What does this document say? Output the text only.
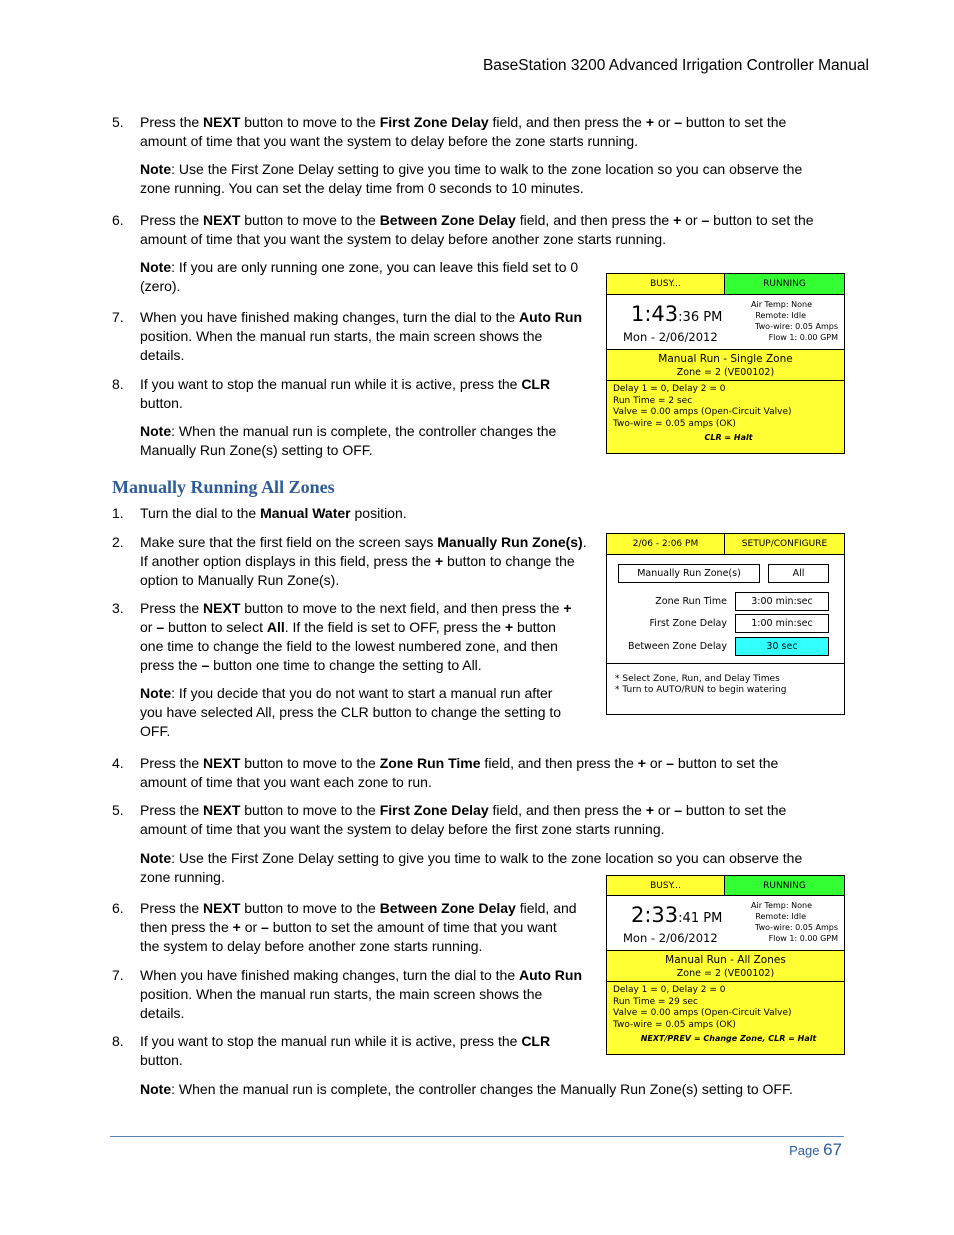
BaseStation 3200 Advanced Irrigation Controller Manual
5. Press the NEXT button to move to the First Zone Delay field, and then press the + or – button to set the
amount of time that you want the system to delay before the zone starts running.
Note: Use the First Zone Delay setting to give you time to walk to the zone location so you can observe the
zone running. You can set the delay time from 0 seconds to 10 minutes.
6. Press the NEXT button to move to the Between Zone Delay field, and then press the + or – button to set the
amount of time that you want the system to delay before another zone starts running.
Note: If you are only running one zone, you can leave this field set to 0
(zero).
7. When you have finished making changes, turn the dial to the Auto Run
position. When the manual run starts, the main screen shows the
details.
8. If you want to stop the manual run while it is active, press the CLR
button.
Note: When the manual run is complete, the controller changes the
Manually Run Zone(s) setting to OFF.
BUSY...	RUNNING
1:43:36 PM
Mon - 2/06/2012
Air Temp: None
Remote: Idle
Two-wire: 0.05 Amps
Flow 1: 0.00 GPM
Manual Run - Single Zone
Zone = 2 (VE00102)
Delay 1 = 0, Delay 2 = 0
Run Time = 2 sec
Valve = 0.00 amps (Open-Circuit Valve)
Two-wire = 0.05 amps (OK)
CLR = Halt
Manually Running All Zones
1. Turn the dial to the Manual Water position.
2. Make sure that the first field on the screen says Manually Run Zone(s).
If another option displays in this field, press the + button to change the
option to Manually Run Zone(s).
3. Press the NEXT button to move to the next field, and then press the +
or – button to select All. If the field is set to OFF, press the + button
one time to change the field to the lowest numbered zone, and then
press the – button one time to change the setting to All.
Note: If you decide that you do not want to start a manual run after
you have selected All, press the CLR button to change the setting to
OFF.
4. Press the NEXT button to move to the Zone Run Time field, and then press the + or – button to set the
amount of time that you want each zone to run.
5. Press the NEXT button to move to the First Zone Delay field, and then press the + or – button to set the
amount of time that you want the system to delay before the first zone starts running.
Note: Use the First Zone Delay setting to give you time to walk to the zone location so you can observe the
zone running.
6. Press the NEXT button to move to the Between Zone Delay field, and
then press the + or – button to set the amount of time that you want
the system to delay before another zone starts running.
7. When you have finished making changes, turn the dial to the Auto Run
position. When the manual run starts, the main screen shows the
details.
8. If you want to stop the manual run while it is active, press the CLR
button.
Note: When the manual run is complete, the controller changes the Manually Run Zone(s) setting to OFF.
2/06 - 2:06 PM	SETUP/CONFIGURE
Manually Run Zone(s)	All
Zone Run Time	3:00 min:sec
First Zone Delay	1:00 min:sec
Between Zone Delay	30 sec
* Select Zone, Run, and Delay Times
* Turn to AUTO/RUN to begin watering
BUSY...	RUNNING
2:33:41 PM
Mon - 2/06/2012
Air Temp: None
Remote: Idle
Two-wire: 0.05 Amps
Flow 1: 0.00 GPM
Manual Run - All Zones
Zone = 2 (VE00102)
Delay 1 = 0, Delay 2 = 0
Run Time = 29 sec
Valve = 0.00 amps (Open-Circuit Valve)
Two-wire = 0.05 amps (OK)
NEXT/PREV = Change Zone, CLR = Halt
Page 67
